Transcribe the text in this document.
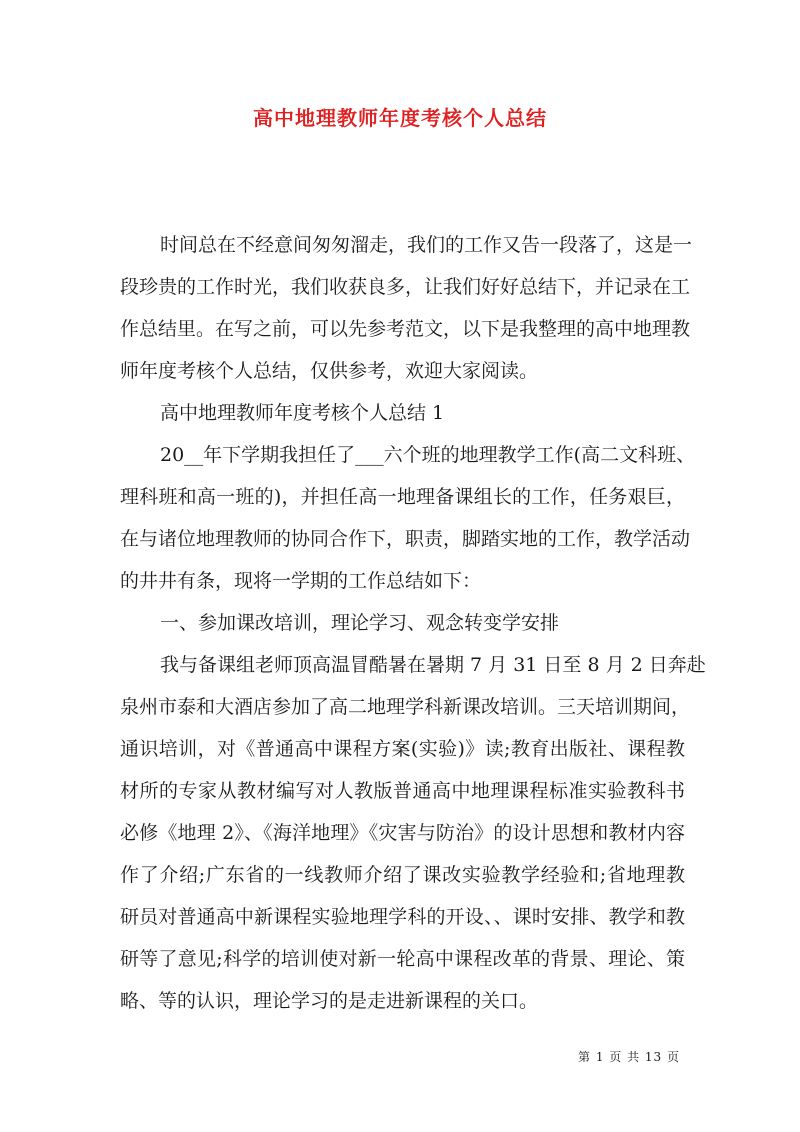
高中地理教师年度考核个人总结
时间总在不经意间匆匆溜走，我们的工作又告一段落了，这是一
段珍贵的工作时光，我们收获良多，让我们好好总结下，并记录在工
作总结里。在写之前，可以先参考范文，以下是我整理的高中地理教
师年度考核个人总结，仅供参考，欢迎大家阅读。
高中地理教师年度考核个人总结 1
20__年下学期我担任了___六个班的地理教学工作(高二文科班、
理科班和高一班的)，并担任高一地理备课组长的工作，任务艰巨，
在与诸位地理教师的协同合作下，职责，脚踏实地的工作，教学活动
的井井有条，现将一学期的工作总结如下：
一、参加课改培训，理论学习、观念转变学安排
我与备课组老师顶高温冒酷暑在暑期 7 月 31 日至 8 月 2 日奔赴
泉州市泰和大酒店参加了高二地理学科新课改培训。三天培训期间，
通识培训，对《普通高中课程方案(实验)》读;教育出版社、课程教
材所的专家从教材编写对人教版普通高中地理课程标准实验教科书
必修《地理 2》、《海洋地理》《灾害与防治》的设计思想和教材内容
作了介绍;广东省的一线教师介绍了课改实验教学经验和;省地理教
研员对普通高中新课程实验地理学科的开设、、课时安排、教学和教
研等了意见;科学的培训使对新一轮高中课程改革的背景、理论、策
略、等的认识，理论学习的是走进新课程的关口。
第 1 页 共 13 页
